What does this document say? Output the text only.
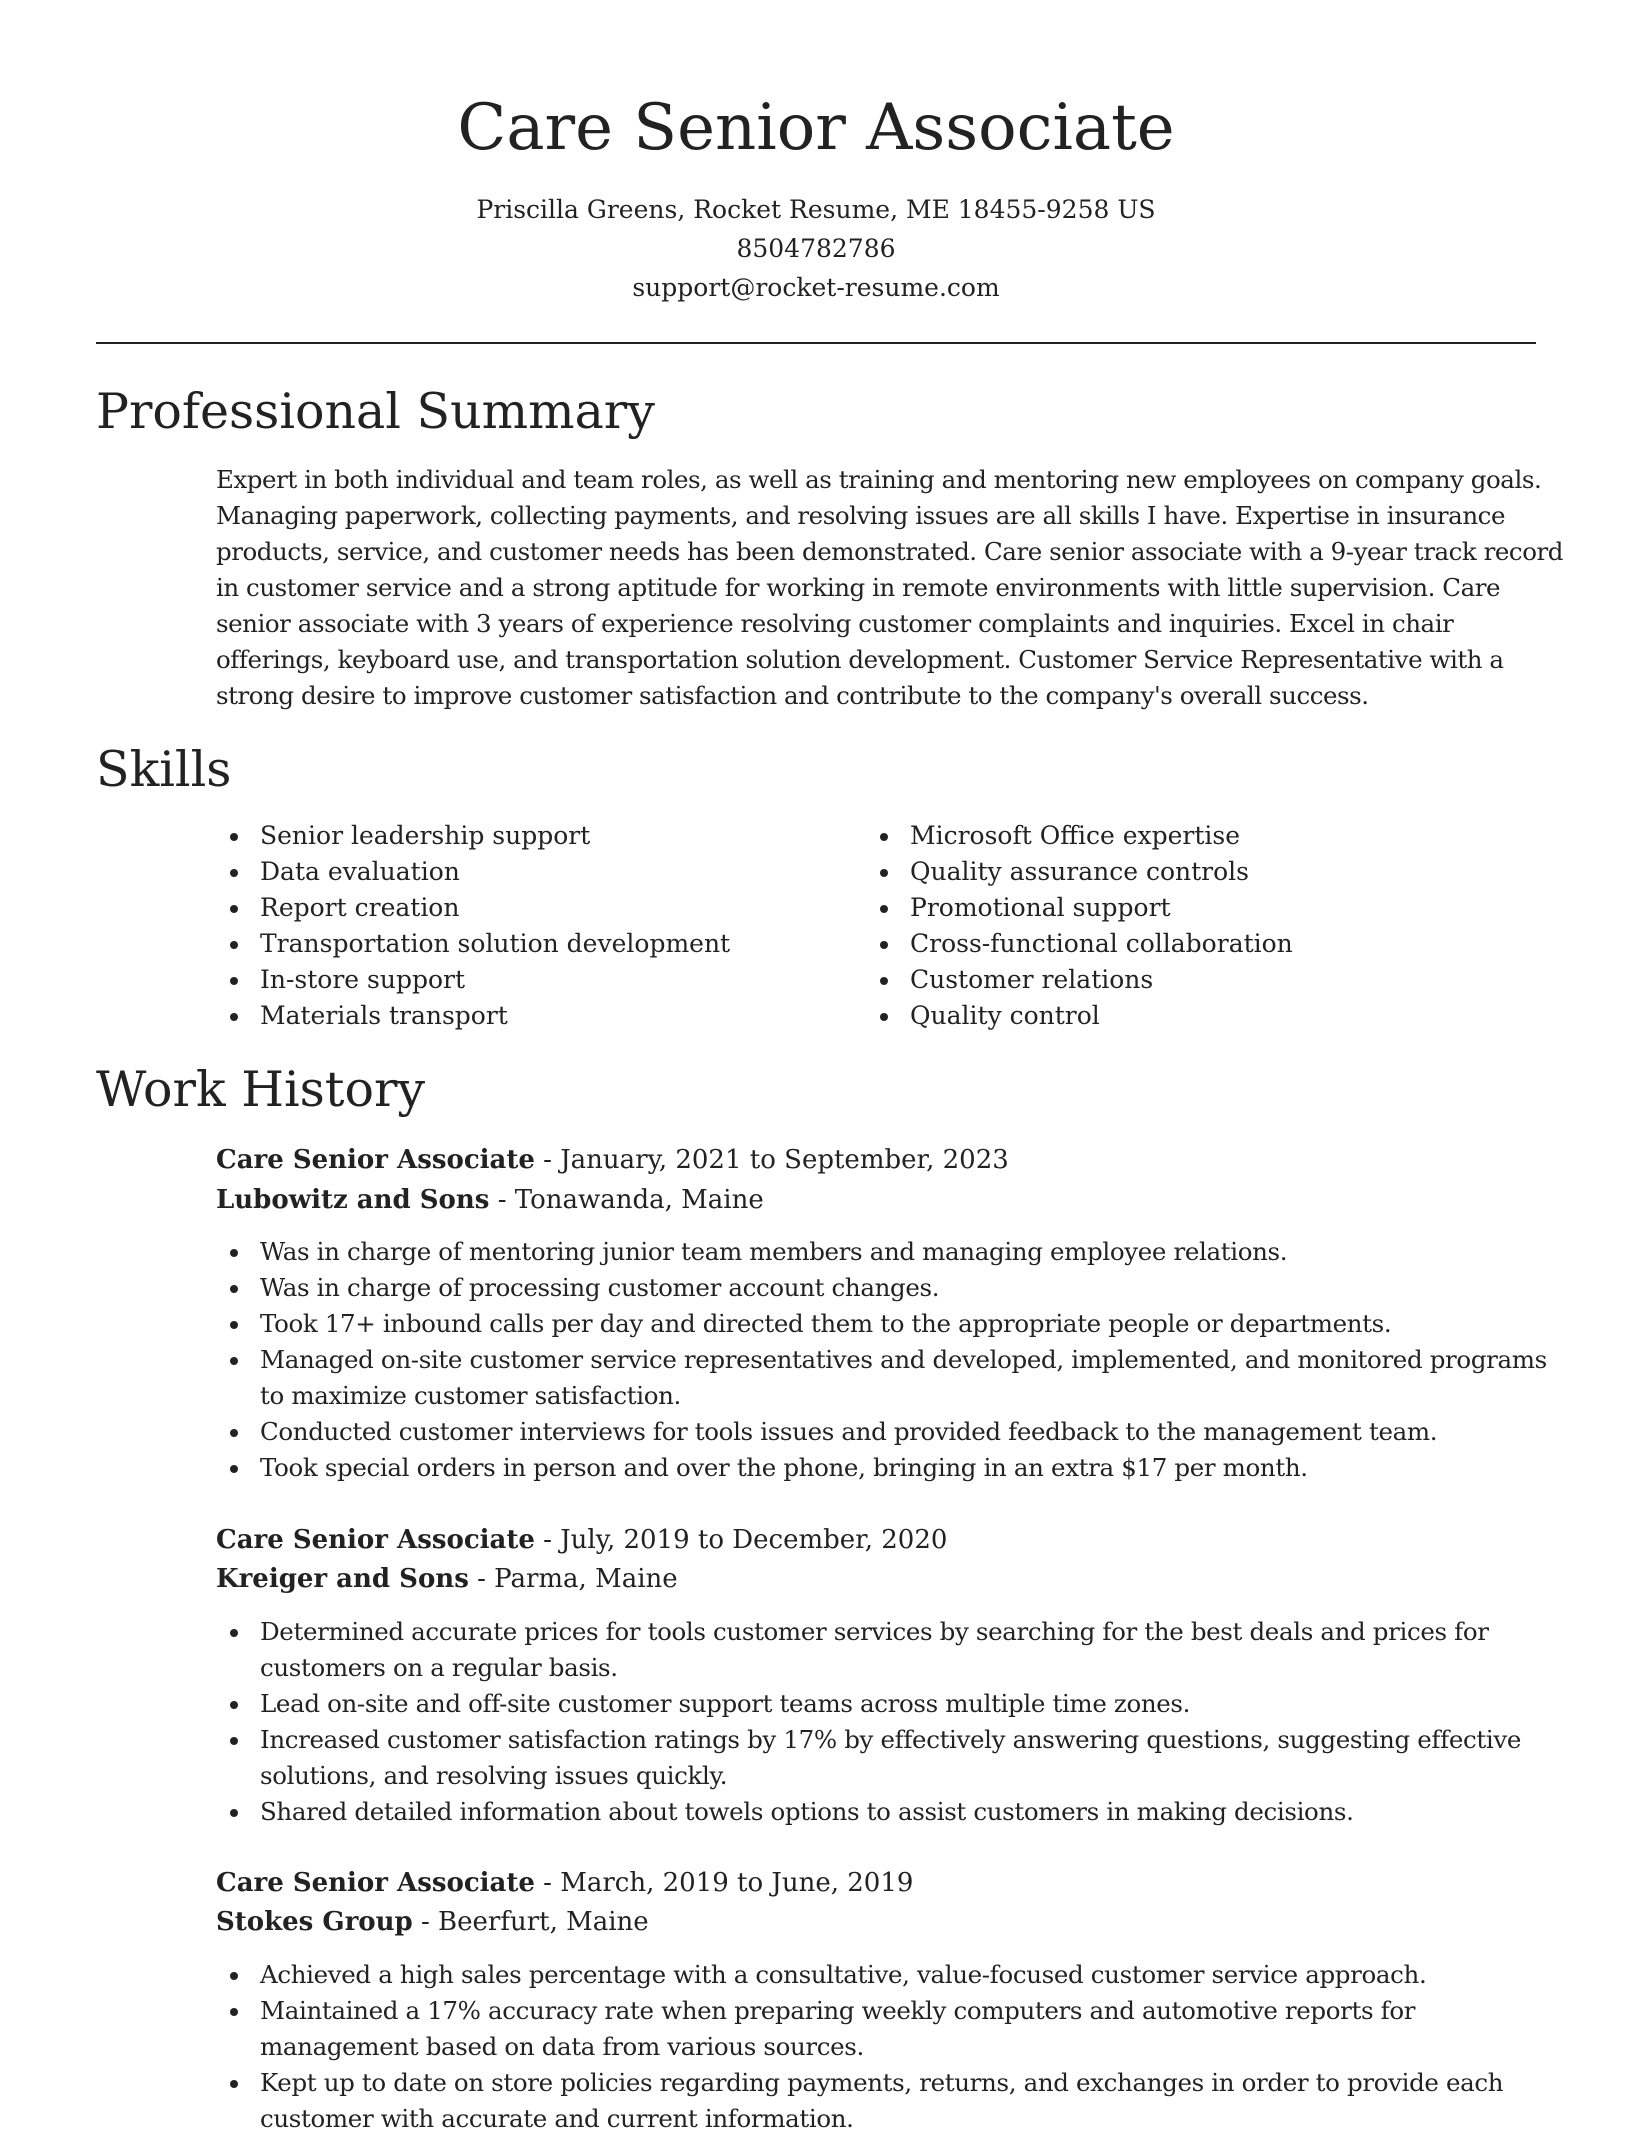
Care Senior Associate
Priscilla Greens, Rocket Resume, ME 18455-9258 US
8504782786
support@rocket-resume.com
Professional Summary

Expert in both individual and team roles, as well as training and mentoring new employees on company goals.
Managing paperwork, collecting payments, and resolving issues are all skills I have. Expertise in insurance
products, service, and customer needs has been demonstrated. Care senior associate with a 9-year track record
in customer service and a strong aptitude for working in remote environments with little supervision. Care
senior associate with 3 years of experience resolving customer complaints and inquiries. Excel in chair
offerings, keyboard use, and transportation solution development. Customer Service Representative with a
strong desire to improve customer satisfaction and contribute to the company's overall success.

Skills
Senior leadership support
Data evaluation
Report creation
Transportation solution development
In-store support
Materials transport
Microsoft Office expertise
Quality assurance controls
Promotional support
Cross-functional collaboration
Customer relations
Quality control
Work History
Care Senior Associate - January, 2021 to September, 2023
Lubowitz and Sons - Tonawanda, Maine
Was in charge of mentoring junior team members and managing employee relations.
Was in charge of processing customer account changes.
Took 17+ inbound calls per day and directed them to the appropriate people or departments.
Managed on-site customer service representatives and developed, implemented, and monitored programs
to maximize customer satisfaction.
Conducted customer interviews for tools issues and provided feedback to the management team.
Took special orders in person and over the phone, bringing in an extra $17 per month.
Care Senior Associate - July, 2019 to December, 2020
Kreiger and Sons - Parma, Maine
Determined accurate prices for tools customer services by searching for the best deals and prices for
customers on a regular basis.
Lead on-site and off-site customer support teams across multiple time zones.
Increased customer satisfaction ratings by 17% by effectively answering questions, suggesting effective
solutions, and resolving issues quickly.
Shared detailed information about towels options to assist customers in making decisions.
Care Senior Associate - March, 2019 to June, 2019
Stokes Group - Beerfurt, Maine
Achieved a high sales percentage with a consultative, value-focused customer service approach.
Maintained a 17% accuracy rate when preparing weekly computers and automotive reports for
management based on data from various sources.
Kept up to date on store policies regarding payments, returns, and exchanges in order to provide each
customer with accurate and current information.
